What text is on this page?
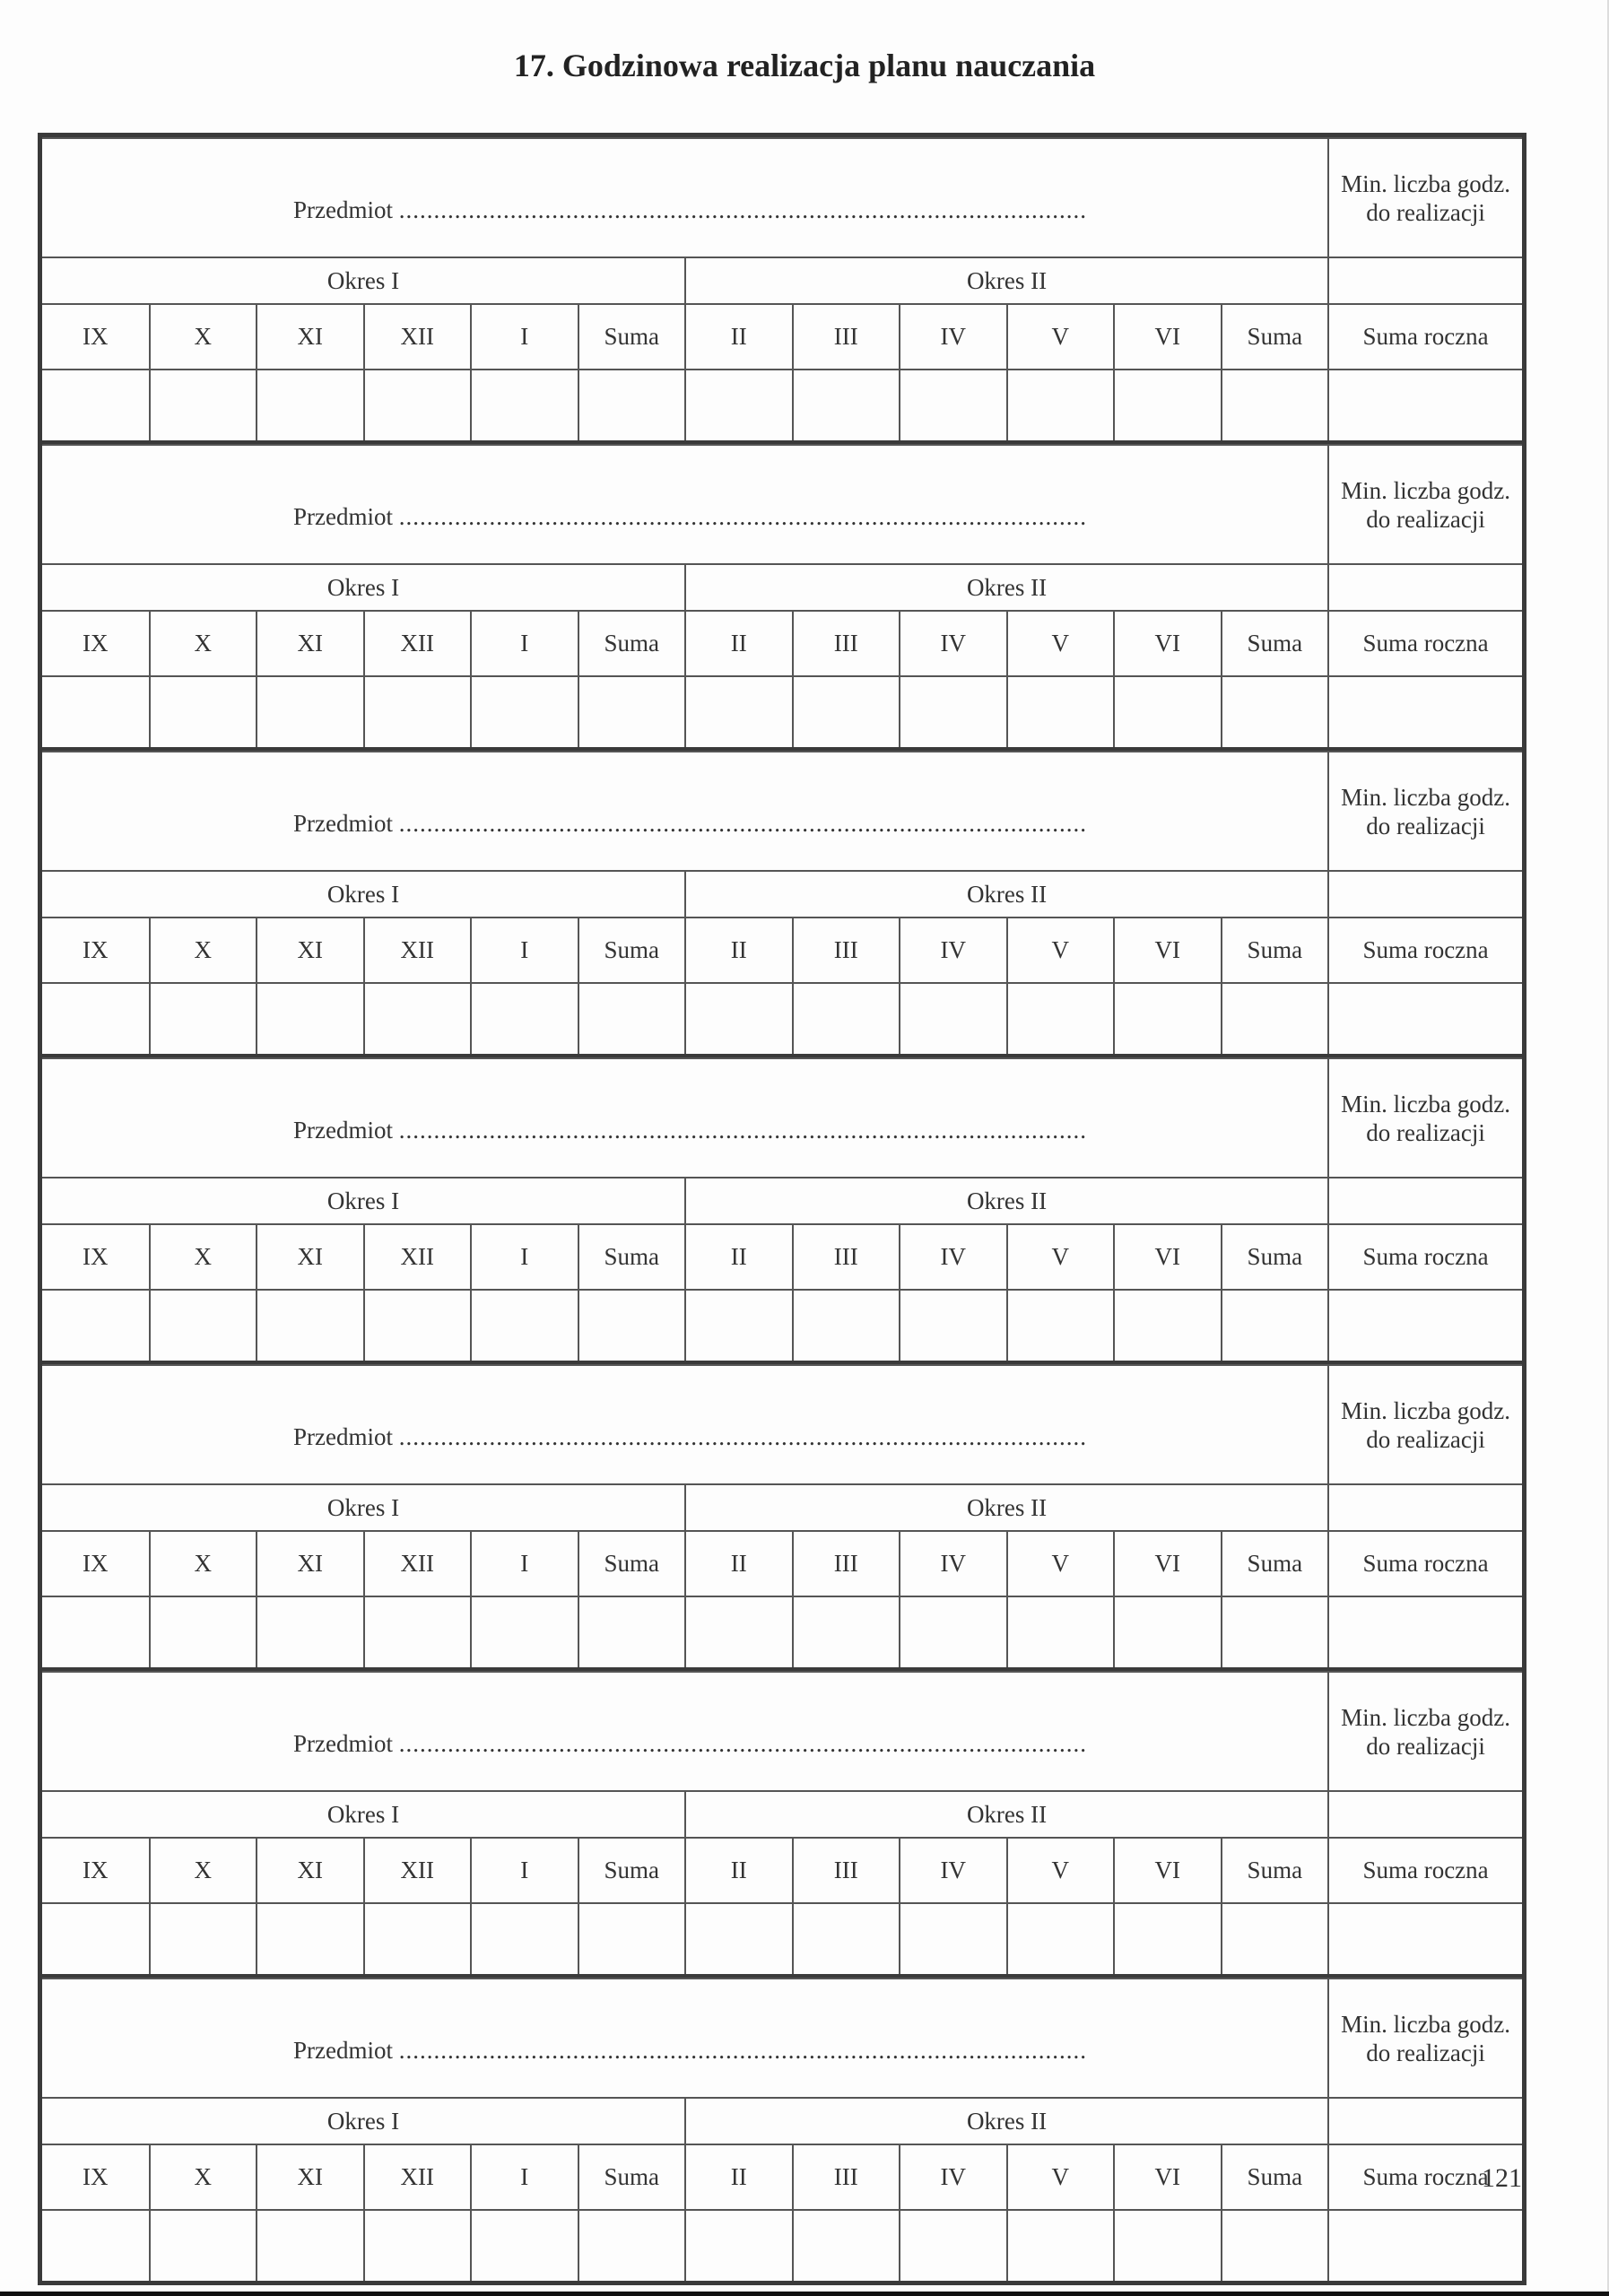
17. Godzinowa realizacja planu nauczania
Przedmiot ...................................................................................................												Min. liczba godz.
do realizacji

Okres I						Okres II						
IX	X	XI	XII	I	Suma	II	III	IV	V	VI	Suma	Suma roczna

Przedmiot ...................................................................................................												Min. liczba godz.
do realizacji

Okres I						Okres II						
IX	X	XI	XII	I	Suma	II	III	IV	V	VI	Suma	Suma roczna

Przedmiot ...................................................................................................												Min. liczba godz.
do realizacji

Okres I						Okres II						
IX	X	XI	XII	I	Suma	II	III	IV	V	VI	Suma	Suma roczna

Przedmiot ...................................................................................................												Min. liczba godz.
do realizacji

Okres I						Okres II						
IX	X	XI	XII	I	Suma	II	III	IV	V	VI	Suma	Suma roczna

Przedmiot ...................................................................................................												Min. liczba godz.
do realizacji

Okres I						Okres II						
IX	X	XI	XII	I	Suma	II	III	IV	V	VI	Suma	Suma roczna

Przedmiot ...................................................................................................												Min. liczba godz.
do realizacji

Okres I						Okres II						
IX	X	XI	XII	I	Suma	II	III	IV	V	VI	Suma	Suma roczna

Przedmiot ...................................................................................................												Min. liczba godz.
do realizacji

Okres I						Okres II						
IX	X	XI	XII	I	Suma	II	III	IV	V	VI	Suma	Suma roczna

121
